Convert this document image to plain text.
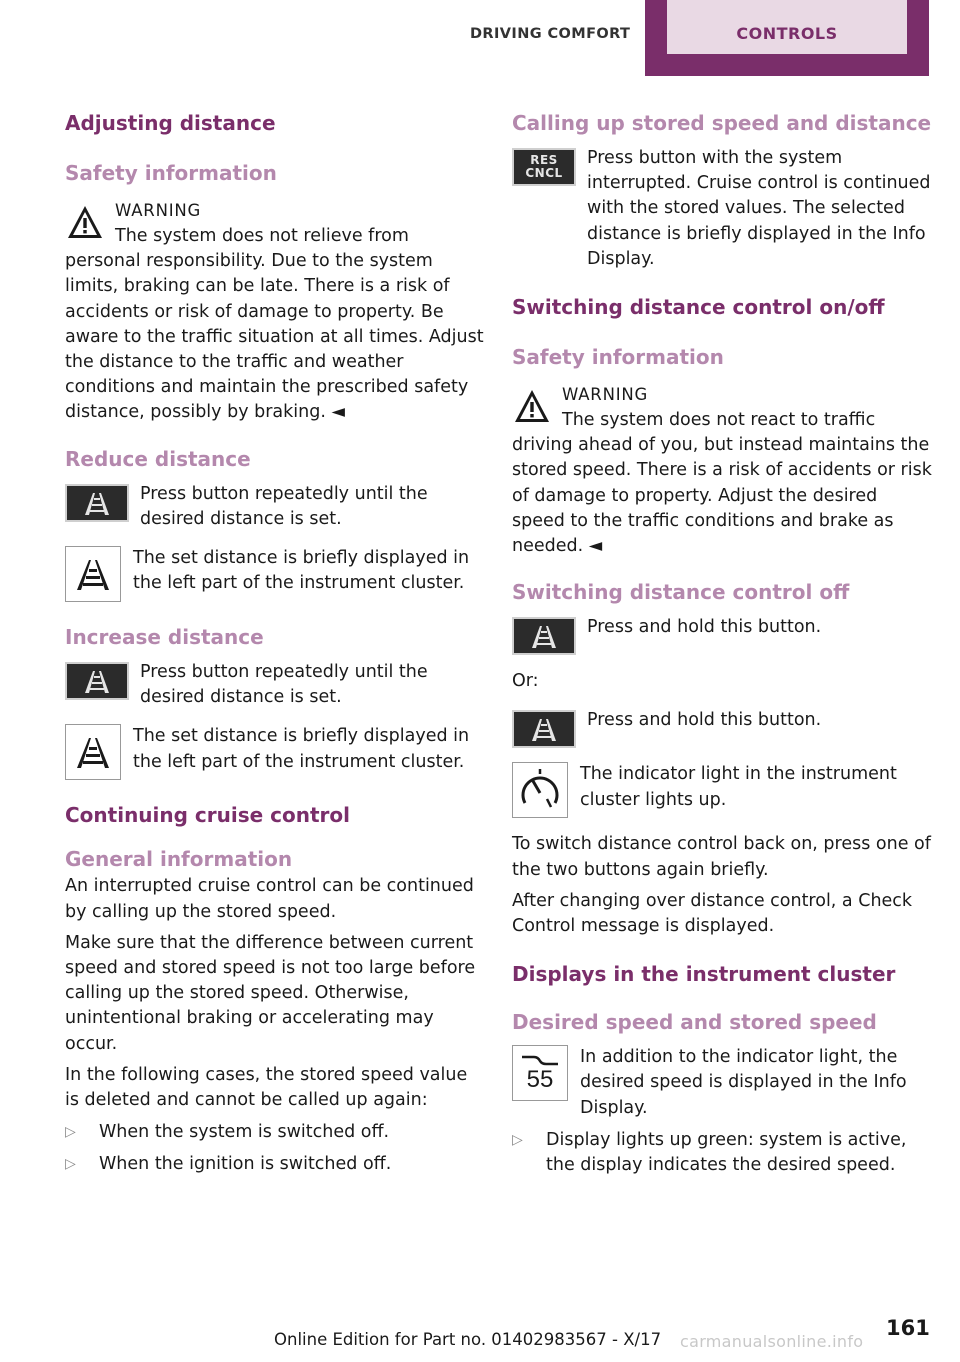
DRIVING COMFORT	CONTROLS
Adjusting distance
Safety information
WARNING

The system does not relieve from personal responsibility. Due to the system limits, braking can be late. There is a risk of accidents or risk of damage to property. Be aware to the traffic situation at all times. Adjust the distance to the traffic and weather conditions and maintain the prescribed safety distance, possibly by braking. ◄

Reduce distance
Press button repeatedly until the desired distance is set.
The set distance is briefly displayed in the left part of the instrument cluster.
Increase distance
Press button repeatedly until the desired distance is set.
The set distance is briefly displayed in the left part of the instrument cluster.
Continuing cruise control
General information

An interrupted cruise control can be continued by calling up the stored speed.

Make sure that the difference between current speed and stored speed is not too large before calling up the stored speed. Otherwise, unintentional braking or accelerating may occur.

In the following cases, the stored speed value is deleted and cannot be called up again:

▷ When the system is switched off.
▷ When the ignition is switched off.
Calling up stored speed and distance
RES
CNCL
Press button with the system interrupted. Cruise control is continued with the stored values. The selected distance is briefly displayed in the Info Display.
Switching distance control on/off
Safety information
WARNING

The system does not react to traffic driving ahead of you, but instead maintains the stored speed. There is a risk of accidents or risk of damage to property. Adjust the desired speed to the traffic conditions and brake as needed. ◄

Switching distance control off
Press and hold this button.

Or:

Press and hold this button.
The indicator light in the instrument cluster lights up.

To switch distance control back on, press one of the two buttons again briefly.

After changing over distance control, a Check Control message is displayed.

Displays in the instrument cluster
Desired speed and stored speed
55
In addition to the indicator light, the desired speed is displayed in the Info Display.
▷ Display lights up green: system is active, the display indicates the desired speed.
161
Online Edition for Part no. 01402983567 - X/17 carmanualsonline.info
